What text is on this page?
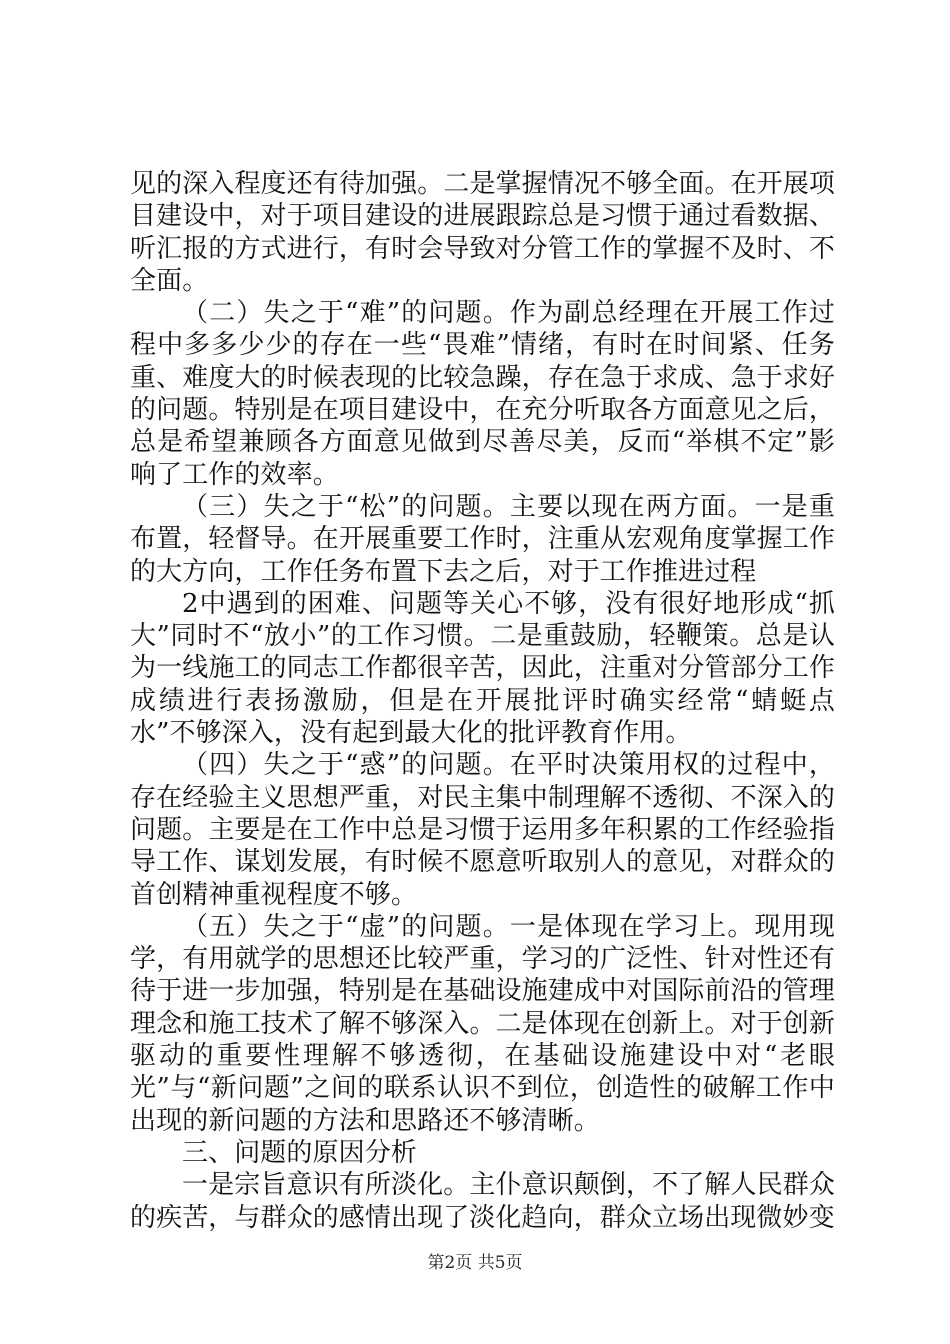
见的深入程度还有待加强。二是掌握情况不够全面。在开展项目建设中，对于项目建设的进展跟踪总是习惯于通过看数据、听汇报的方式进行，有时会导致对分管工作的掌握不及时、不全面。

（二）失之于“难”的问题。作为副总经理在开展工作过程中多多少少的存在一些“畏难”情绪，有时在时间紧、任务重、难度大的时候表现的比较急躁，存在急于求成、急于求好的问题。特别是在项目建设中，在充分听取各方面意见之后，总是希望兼顾各方面意见做到尽善尽美，反而“举棋不定”影响了工作的效率。

（三）失之于“松”的问题。主要以现在两方面。一是重布置，轻督导。在开展重要工作时，注重从宏观角度掌握工作的大方向，工作任务布置下去之后，对于工作推进过程

2中遇到的困难、问题等关心不够，没有很好地形成“抓大”同时不“放小”的工作习惯。二是重鼓励，轻鞭策。总是认为一线施工的同志工作都很辛苦，因此，注重对分管部分工作成绩进行表扬激励，但是在开展批评时确实经常“蜻蜓点水”不够深入，没有起到最大化的批评教育作用。

（四）失之于“惑”的问题。在平时决策用权的过程中，存在经验主义思想严重，对民主集中制理解不透彻、不深入的问题。主要是在工作中总是习惯于运用多年积累的工作经验指导工作、谋划发展，有时候不愿意听取别人的意见，对群众的首创精神重视程度不够。

（五）失之于“虚”的问题。一是体现在学习上。现用现学，有用就学的思想还比较严重，学习的广泛性、针对性还有待于进一步加强，特别是在基础设施建成中对国际前沿的管理理念和施工技术了解不够深入。二是体现在创新上。对于创新驱动的重要性理解不够透彻，在基础设施建设中对“老眼光”与“新问题”之间的联系认识不到位，创造性的破解工作中出现的新问题的方法和思路还不够清晰。

三、问题的原因分析

一是宗旨意识有所淡化。主仆意识颠倒，不了解人民群众的疾苦，与群众的感情出现了淡化趋向，群众立场出现微妙变

第2页 共5页
